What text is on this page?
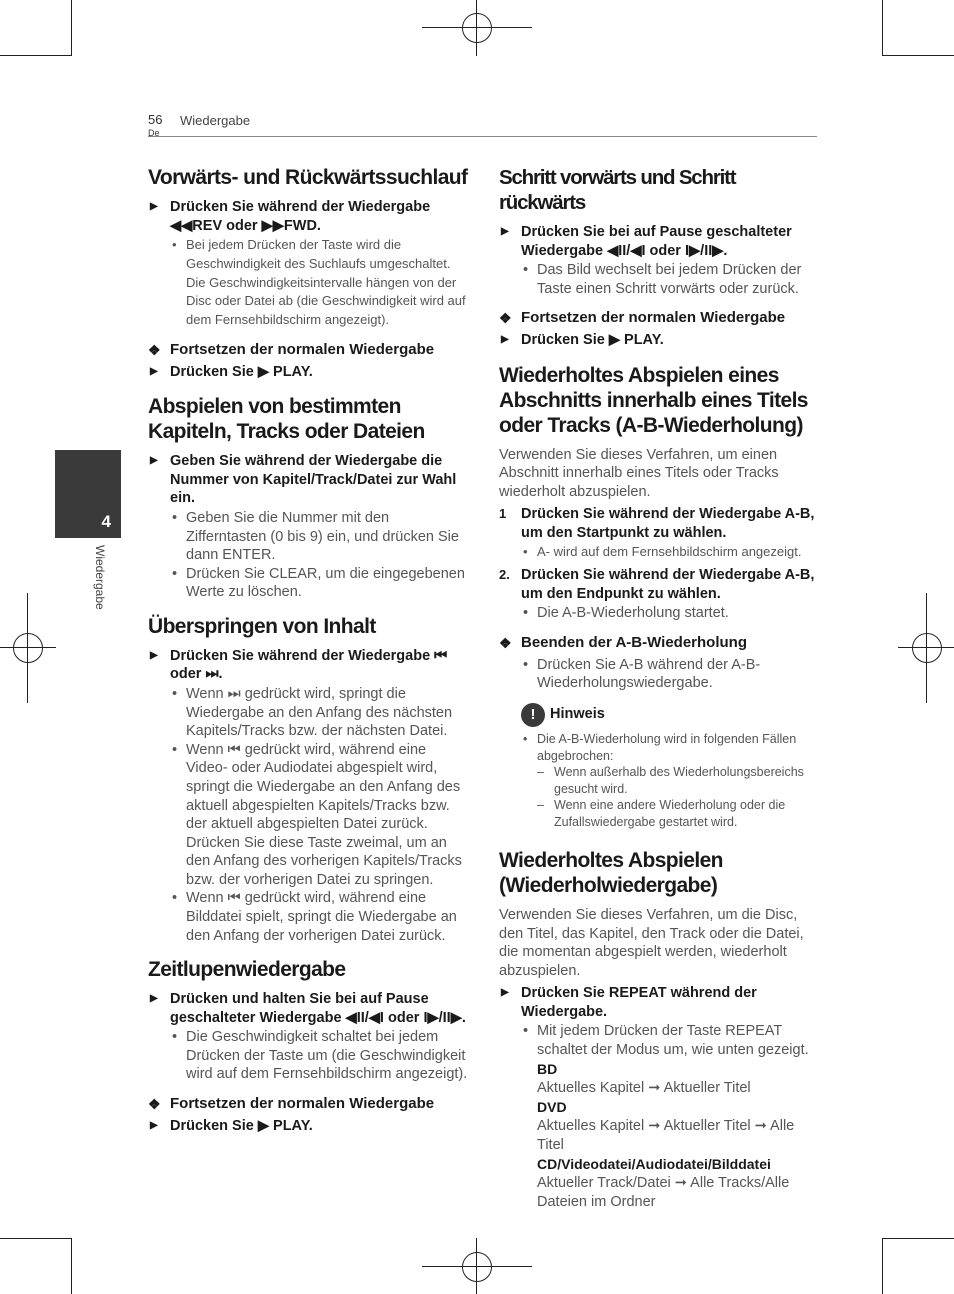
56
De
Wiedergabe
4
Wiedergabe
Vorwärts- und Rückwärtssuchlauf
▶ Drücken Sie während der Wiedergabe ◀◀REV oder ▶▶FWD.
• Bei jedem Drücken der Taste wird die Geschwindigkeit des Suchlaufs umgeschaltet. Die Geschwindigkeitsintervalle hängen von der Disc oder Datei ab (die Geschwindigkeit wird auf dem Fernsehbildschirm angezeigt).
❖ Fortsetzen der normalen Wiedergabe
▶ Drücken Sie ▶ PLAY.
Abspielen von bestimmten Kapiteln, Tracks oder Dateien
▶ Geben Sie während der Wiedergabe die Nummer von Kapitel/Track/Datei zur Wahl ein.
• Geben Sie die Nummer mit den Zifferntasten (0 bis 9) ein, und drücken Sie dann ENTER.
• Drücken Sie CLEAR, um die eingegebenen Werte zu löschen.
Überspringen von Inhalt
▶ Drücken Sie während der Wiedergabe ⏮ oder ⏭.
• Wenn ⏭ gedrückt wird, springt die Wiedergabe an den Anfang des nächsten Kapitels/Tracks bzw. der nächsten Datei.
• Wenn ⏮ gedrückt wird, während eine Video- oder Audiodatei abgespielt wird, springt die Wiedergabe an den Anfang des aktuell abgespielten Kapitels/Tracks bzw. der aktuell abgespielten Datei zurück. Drücken Sie diese Taste zweimal, um an den Anfang des vorherigen Kapitels/Tracks bzw. der vorherigen Datei zu springen.
• Wenn ⏮ gedrückt wird, während eine Bilddatei spielt, springt die Wiedergabe an den Anfang der vorherigen Datei zurück.
Zeitlupenwiedergabe
▶ Drücken und halten Sie bei auf Pause geschalteter Wiedergabe ◀II/◀I oder I▶/II▶.
• Die Geschwindigkeit schaltet bei jedem Drücken der Taste um (die Geschwindigkeit wird auf dem Fernsehbildschirm angezeigt).
❖ Fortsetzen der normalen Wiedergabe
▶ Drücken Sie ▶ PLAY.
Schritt vorwärts und Schritt rückwärts
▶ Drücken Sie bei auf Pause geschalteter Wiedergabe ◀II/◀I oder I▶/II▶.
• Das Bild wechselt bei jedem Drücken der Taste einen Schritt vorwärts oder zurück.
❖ Fortsetzen der normalen Wiedergabe
▶ Drücken Sie ▶ PLAY.
Wiederholtes Abspielen eines Abschnitts innerhalb eines Titels oder Tracks (A-B-Wiederholung)

Verwenden Sie dieses Verfahren, um einen Abschnitt innerhalb eines Titels oder Tracks wiederholt abzuspielen.

1 Drücken Sie während der Wiedergabe A-B, um den Startpunkt zu wählen.
• A- wird auf dem Fernsehbildschirm angezeigt.
2. Drücken Sie während der Wiedergabe A-B, um den Endpunkt zu wählen.
• Die A-B-Wiederholung startet.
❖ Beenden der A-B-Wiederholung
• Drücken Sie A-B während der A-B-Wiederholungswiedergabe.
!	Hinweis
• Die A-B-Wiederholung wird in folgenden Fällen abgebrochen:
– Wenn außerhalb des Wiederholungsbereichs gesucht wird.
– Wenn eine andere Wiederholung oder die Zufallswiedergabe gestartet wird.
Wiederholtes Abspielen (Wiederholwiedergabe)

Verwenden Sie dieses Verfahren, um die Disc, den Titel, das Kapitel, den Track oder die Datei, die momentan abgespielt werden, wiederholt abzuspielen.

▶ Drücken Sie REPEAT während der Wiedergabe.
• Mit jedem Drücken der Taste REPEAT schaltet der Modus um, wie unten gezeigt.
BD
Aktuelles Kapitel ➞ Aktueller Titel
DVD
Aktuelles Kapitel ➞ Aktueller Titel ➞ Alle Titel
CD/Videodatei/Audiodatei/Bilddatei
Aktueller Track/Datei ➞ Alle Tracks/Alle Dateien im Ordner
